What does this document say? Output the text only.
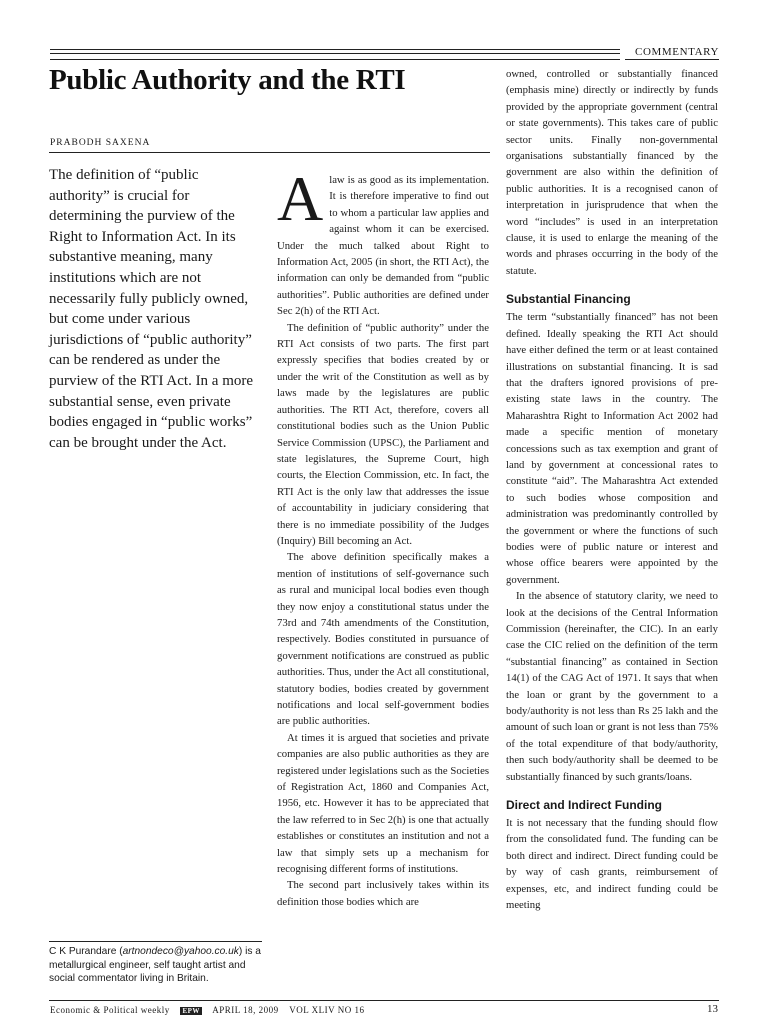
COMMENTARY
Public Authority and the RTI
PRABODH SAXENA

The definition of “public authority” is crucial for determining the purview of the Right to Information Act. In its substantive meaning, many institutions which are not necessarily fully publicly owned, but come under various jurisdictions of “public authority” can be rendered as under the purview of the RTI Act. In a more substantial sense, even private bodies engaged in “public works” can be brought under the Act.

C K Purandare (artnondeco@yahoo.co.uk) is a metallurgical engineer, self taught artist and social commentator living in Britain.

Alaw is as good as its implementation. It is therefore imperative to find out to whom a particular law applies and against whom it can be exercised. Under the much talked about Right to Information Act, 2005 (in short, the RTI Act), the information can only be demanded from “public authorities”. Public authorities are defined under Sec 2(h) of the RTI Act.

The definition of “public authority” under the RTI Act consists of two parts. The first part expressly specifies that bodies created by or under the writ of the Constitution as well as by laws made by the legislatures are public authorities. The RTI Act, therefore, covers all constitutional bodies such as the Union Public Service Commission (UPSC), the Parliament and state legislatures, the Supreme Court, high courts, the Election Commission, etc. In fact, the RTI Act is the only law that addresses the issue of accountability in judiciary considering that there is no immediate possibility of the Judges (Inquiry) Bill becoming an Act.

The above definition specifically makes a mention of institutions of self-governance such as rural and municipal local bodies even though they now enjoy a constitutional status under the 73rd and 74th amendments of the Constitution, respectively. Bodies constituted in pursuance of government notifications are construed as public authorities. Thus, under the Act all constitutional, statutory bodies, bodies created by government notifications and local self-government bodies are public authorities.

At times it is argued that societies and private companies are also public authorities as they are registered under legislations such as the Societies of Registration Act, 1860 and Companies Act, 1956, etc. However it has to be appreciated that the law referred to in Sec 2(h) is one that actually establishes or constitutes an institution and not a law that simply sets up a mechanism for recognising different forms of institutions.

The second part inclusively takes within its definition those bodies which are

owned, controlled or substantially financed (emphasis mine) directly or indirectly by funds provided by the appropriate government (central or state governments). This takes care of public sector units. Finally non-governmental organisations substantially financed by the government are also within the definition of public authorities. It is a recognised canon of interpretation in jurisprudence that when the word “includes” is used in an interpretation clause, it is used to enlarge the meaning of the words and phrases occurring in the body of the statute.

Substantial Financing

The term “substantially financed” has not been defined. Ideally speaking the RTI Act should have either defined the term or at least contained illustrations on substantial financing. It is sad that the drafters ignored provisions of pre-existing state laws in the country. The Maharashtra Right to Information Act 2002 had made a specific mention of monetary concessions such as tax exemption and grant of land by government at concessional rates to constitute “aid”. The Maharashtra Act extended to such bodies whose composition and administration was predominantly controlled by the government or where the functions of such bodies were of public nature or interest and whose office bearers were appointed by the government.

In the absence of statutory clarity, we need to look at the decisions of the Central Information Commission (hereinafter, the CIC). In an early case the CIC relied on the definition of the term “substantial financing” as contained in Section 14(1) of the CAG Act of 1971. It says that when the loan or grant by the government to a body/authority is not less than Rs 25 lakh and the amount of such loan or grant is not less than 75% of the total expenditure of that body/authority, then such body/authority shall be deemed to be substantially financed by such grants/loans.

Direct and Indirect Funding

It is not necessary that the funding should flow from the consolidated fund. The funding can be both direct and indirect. Direct funding could be by way of cash grants, reimbursement of expenses, etc, and indirect funding could be meeting

Economic & Political weekly EPW APRIL 18, 2009 VOL XLIV NO 16	13
